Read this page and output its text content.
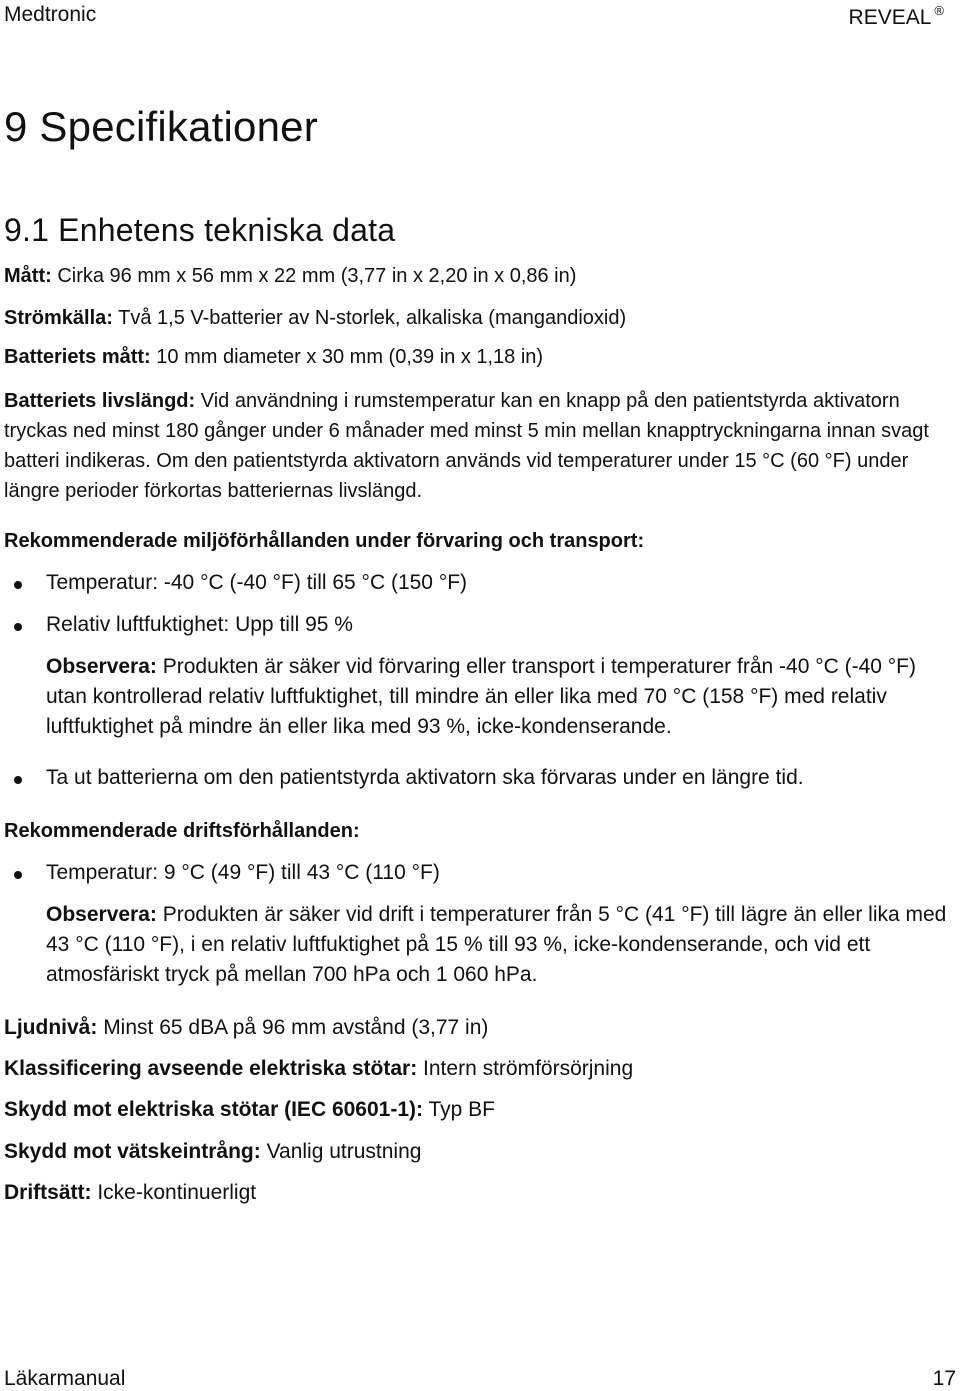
Medtronic	REVEAL ®
9 Specifikationer
9.1 Enhetens tekniska data
Mått: Cirka 96 mm x 56 mm x 22 mm (3,77 in x 2,20 in x 0,86 in)
Strömkälla: Två 1,5 V-batterier av N-storlek, alkaliska (mangandioxid)
Batteriets mått: 10 mm diameter x 30 mm (0,39 in x 1,18 in)

Batteriets livslängd: Vid användning i rumstemperatur kan en knapp på den patientstyrda aktivatorn tryckas ned minst 180 gånger under 6 månader med minst 5 min mellan knapptryckningarna innan svagt batteri indikeras. Om den patientstyrda aktivatorn används vid temperaturer under 15 °C (60 °F) under längre perioder förkortas batteriernas livslängd.

Rekommenderade miljöförhållanden under förvaring och transport:
Temperatur: -40 °C (-40 °F) till 65 °C (150 °F)
Relativ luftfuktighet: Upp till 95 %

Observera: Produkten är säker vid förvaring eller transport i temperaturer från -40 °C (-40 °F) utan kontrollerad relativ luftfuktighet, till mindre än eller lika med 70 °C (158 °F) med relativ luftfuktighet på mindre än eller lika med 93 %, icke-kondenserande.

Ta ut batterierna om den patientstyrda aktivatorn ska förvaras under en längre tid.
Rekommenderade driftsförhållanden:
Temperatur: 9 °C (49 °F) till 43 °C (110 °F)

Observera: Produkten är säker vid drift i temperaturer från 5 °C (41 °F) till lägre än eller lika med 43 °C (110 °F), i en relativ luftfuktighet på 15 % till 93 %, icke-kondenserande, och vid ett atmosfäriskt tryck på mellan 700 hPa och 1 060 hPa.

Ljudnivå: Minst 65 dBA på 96 mm avstånd (3,77 in)
Klassificering avseende elektriska stötar: Intern strömförsörjning
Skydd mot elektriska stötar (IEC 60601-1): Typ BF
Skydd mot vätskeintrång: Vanlig utrustning
Driftsätt: Icke-kontinuerligt
Läkarmanual	17
